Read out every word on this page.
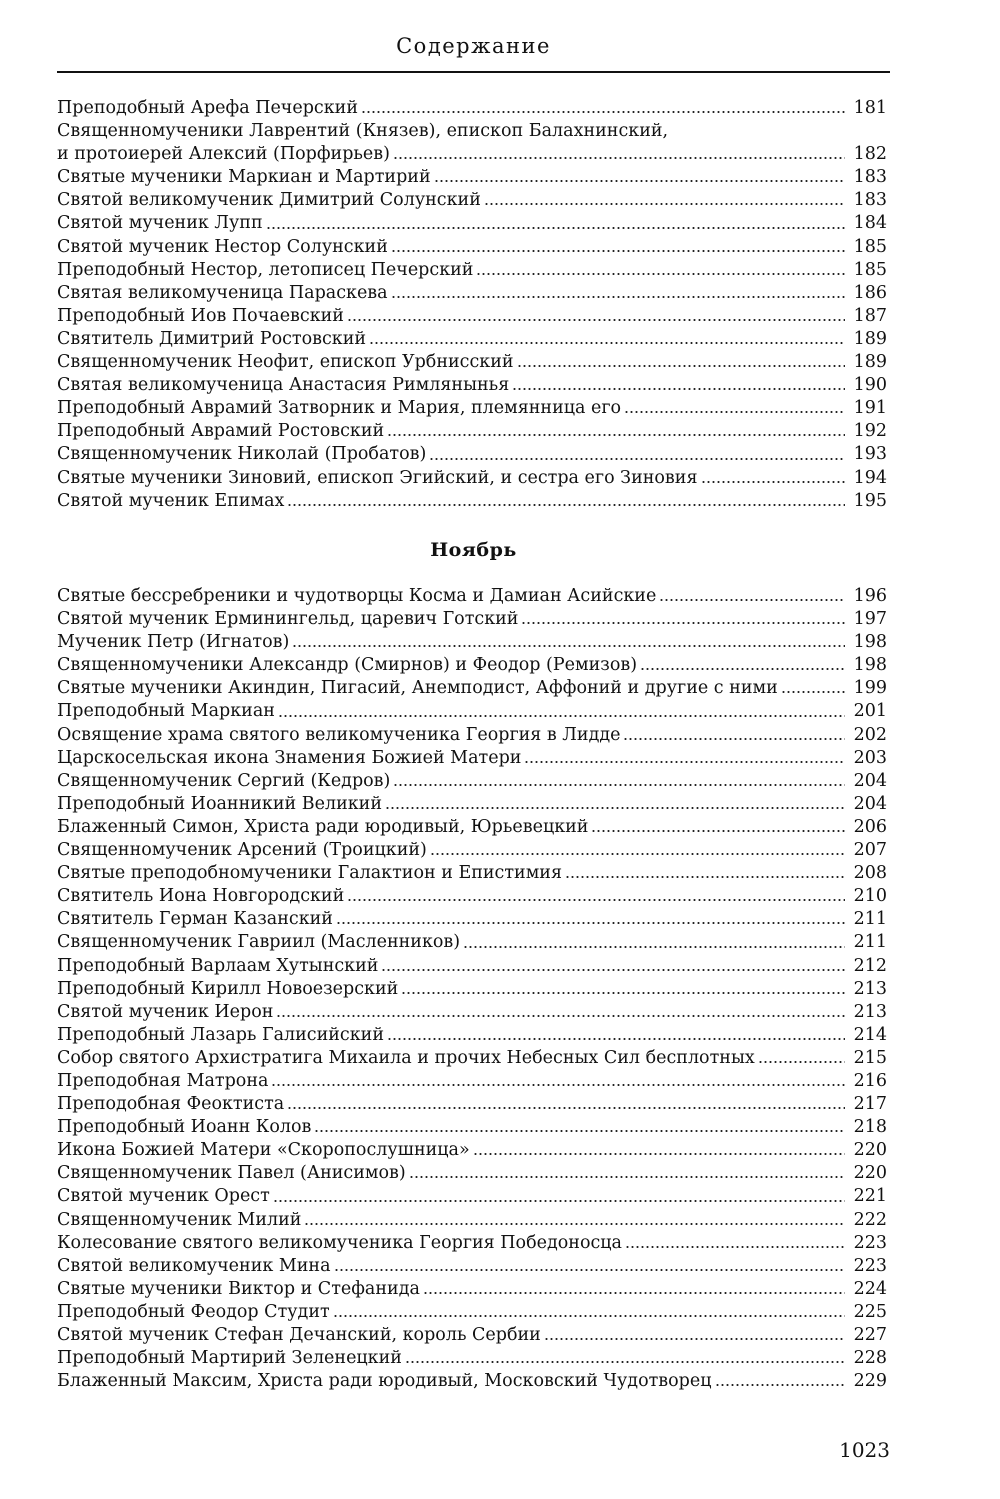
Содержание
Преподобный Арефа Печерский	181
Священномученики Лаврентий (Князев), епископ Балахнинский,
и протоиерей Алексий (Порфирьев)	182
Святые мученики Маркиан и Мартирий	183
Святой великомученик Димитрий Солунский	183
Святой мученик Лупп	184
Святой мученик Нестор Солунский	185
Преподобный Нестор, летописец Печерский	185
Святая великомученица Параскева	186
Преподобный Иов Почаевский	187
Святитель Димитрий Ростовский	189
Священномученик Неофит, епископ Урбнисский	189
Святая великомученица Анастасия Римлянынья	190
Преподобный Аврамий Затворник и Мария, племянница его	191
Преподобный Аврамий Ростовский	192
Священномученик Николай (Пробатов)	193
Святые мученики Зиновий, епископ Эгийский, и сестра его Зиновия	194
Святой мученик Епимах	195
Ноябрь
Святые бессребреники и чудотворцы Косма и Дамиан Асийские	196
Святой мученик Ерминингельд, царевич Готский	197
Мученик Петр (Игнатов)	198
Священномученики Александр (Смирнов) и Феодор (Ремизов)	198
Святые мученики Акиндин, Пигасий, Анемподист, Аффоний и другие с ними	199
Преподобный Маркиан	201
Освящение храма святого великомученика Георгия в Лидде	202
Царскосельская икона Знамения Божией Матери	203
Священномученик Сергий (Кедров)	204
Преподобный Иоанникий Великий	204
Блаженный Симон, Христа ради юродивый, Юрьевецкий	206
Священномученик Арсений (Троицкий)	207
Святые преподобномученики Галактион и Епистимия	208
Святитель Иона Новгородский	210
Святитель Герман Казанский	211
Священномученик Гавриил (Масленников)	211
Преподобный Варлаам Хутынский	212
Преподобный Кирилл Новоезерский	213
Святой мученик Иерон	213
Преподобный Лазарь Галисийский	214
Собор святого Архистратига Михаила и прочих Небесных Сил бесплотных	215
Преподобная Матрона	216
Преподобная Феоктиста	217
Преподобный Иоанн Колов	218
Икона Божией Матери «Скоропослушница»	220
Священномученик Павел (Анисимов)	220
Святой мученик Орест	221
Священномученик Милий	222
Колесование святого великомученика Георгия Победоносца	223
Святой великомученик Мина	223
Святые мученики Виктор и Стефанида	224
Преподобный Феодор Студит	225
Святой мученик Стефан Дечанский, король Сербии	227
Преподобный Мартирий Зеленецкий	228
Блаженный Максим, Христа ради юродивый, Московский Чудотворец	229
1023
